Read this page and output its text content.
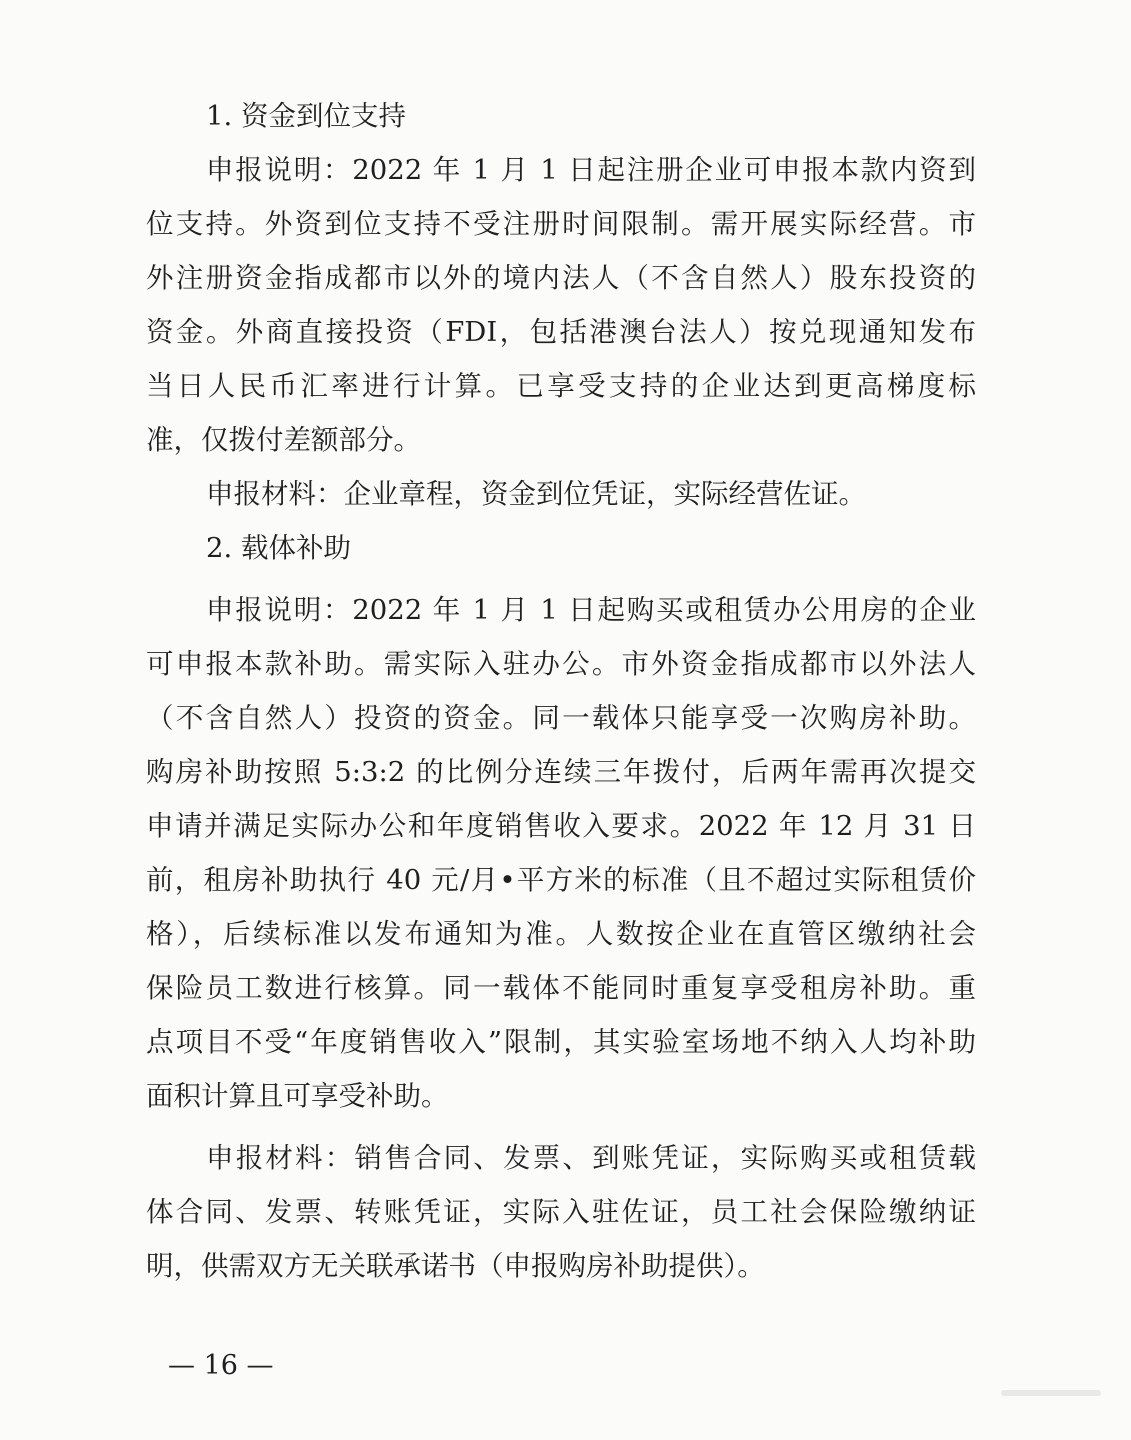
1. 资金到位支持
申报说明：2022 年 1 月 1 日起注册企业可申报本款内资到
位支持。外资到位支持不受注册时间限制。需开展实际经营。市
外注册资金指成都市以外的境内法人（不含自然人）股东投资的
资金。外商直接投资（FDI，包括港澳台法人）按兑现通知发布
当日人民币汇率进行计算。已享受支持的企业达到更高梯度标
准，仅拨付差额部分。
申报材料：企业章程，资金到位凭证，实际经营佐证。
2. 载体补助
申报说明：2022 年 1 月 1 日起购买或租赁办公用房的企业
可申报本款补助。需实际入驻办公。市外资金指成都市以外法人
（不含自然人）投资的资金。同一载体只能享受一次购房补助。
购房补助按照 5:3:2 的比例分连续三年拨付，后两年需再次提交
申请并满足实际办公和年度销售收入要求。2022 年 12 月 31 日
前，租房补助执行 40 元/月•平方米的标准（且不超过实际租赁价
格），后续标准以发布通知为准。人数按企业在直管区缴纳社会
保险员工数进行核算。同一载体不能同时重复享受租房补助。重
点项目不受“年度销售收入”限制，其实验室场地不纳入人均补助
面积计算且可享受补助。
申报材料：销售合同、发票、到账凭证，实际购买或租赁载
体合同、发票、转账凭证，实际入驻佐证，员工社会保险缴纳证
明，供需双方无关联承诺书（申报购房补助提供）。
— 16 —
